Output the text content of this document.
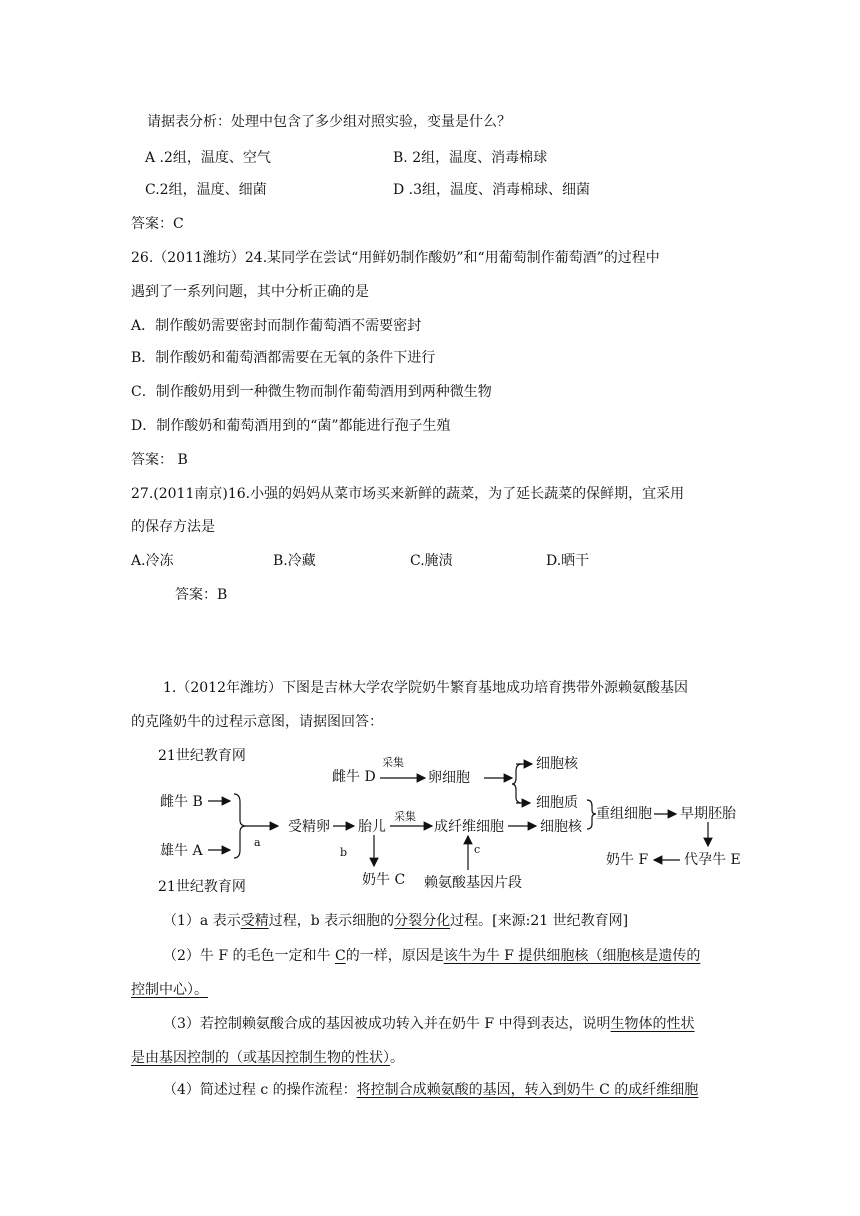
请据表分析：处理中包含了多少组对照实验，变量是什么？
A .2组，温度、空气	B. 2组，温度、消毒棉球
C.2组，温度、细菌	D .3组，温度、消毒棉球、细菌
答案：C
26.（2011潍坊）24.某同学在尝试“用鲜奶制作酸奶”和“用葡萄制作葡萄酒”的过程中
遇到了一系列问题，其中分析正确的是
A．制作酸奶需要密封而制作葡萄酒不需要密封
B．制作酸奶和葡萄酒都需要在无氧的条件下进行
C．制作酸奶用到一种微生物而制作葡萄酒用到两种微生物
D．制作酸奶和葡萄酒用到的“菌”都能进行孢子生殖
答案： B
27.(2011南京)16.小强的妈妈从菜市场买来新鲜的蔬菜，为了延长蔬菜的保鲜期，宜采用
的保存方法是
A.冷冻	B.冷藏	C.腌渍	D.晒干
答案：B
1.（2012年潍坊）下图是吉林大学农学院奶牛繁育基地成功培育携带外源赖氨酸基因
的克隆奶牛的过程示意图，请据图回答：
21世纪教育网
雌牛 D
采集
卵细胞
细胞核
细胞质
雌牛 B
雄牛 A
a
受精卵 胎儿
b
采集
成纤维细胞	细胞核
重组细胞 早期胚胎
奶牛 C
c
赖氨酸基因片段
奶牛 F	代孕牛 E
21世纪教育网
（1）a 表示受精过程，b 表示细胞的分裂分化过程。[来源:21 世纪教育网]
（2）牛 F 的毛色一定和牛 C的一样，原因是该牛为牛 F 提供细胞核（细胞核是遗传的
控制中心）。
（3）若控制赖氨酸合成的基因被成功转入并在奶牛 F 中得到表达，说明生物体的性状
是由基因控制的（或基因控制生物的性状）。
（4）简述过程 c 的操作流程：将控制合成赖氨酸的基因，转入到奶牛 C 的成纤维细胞
